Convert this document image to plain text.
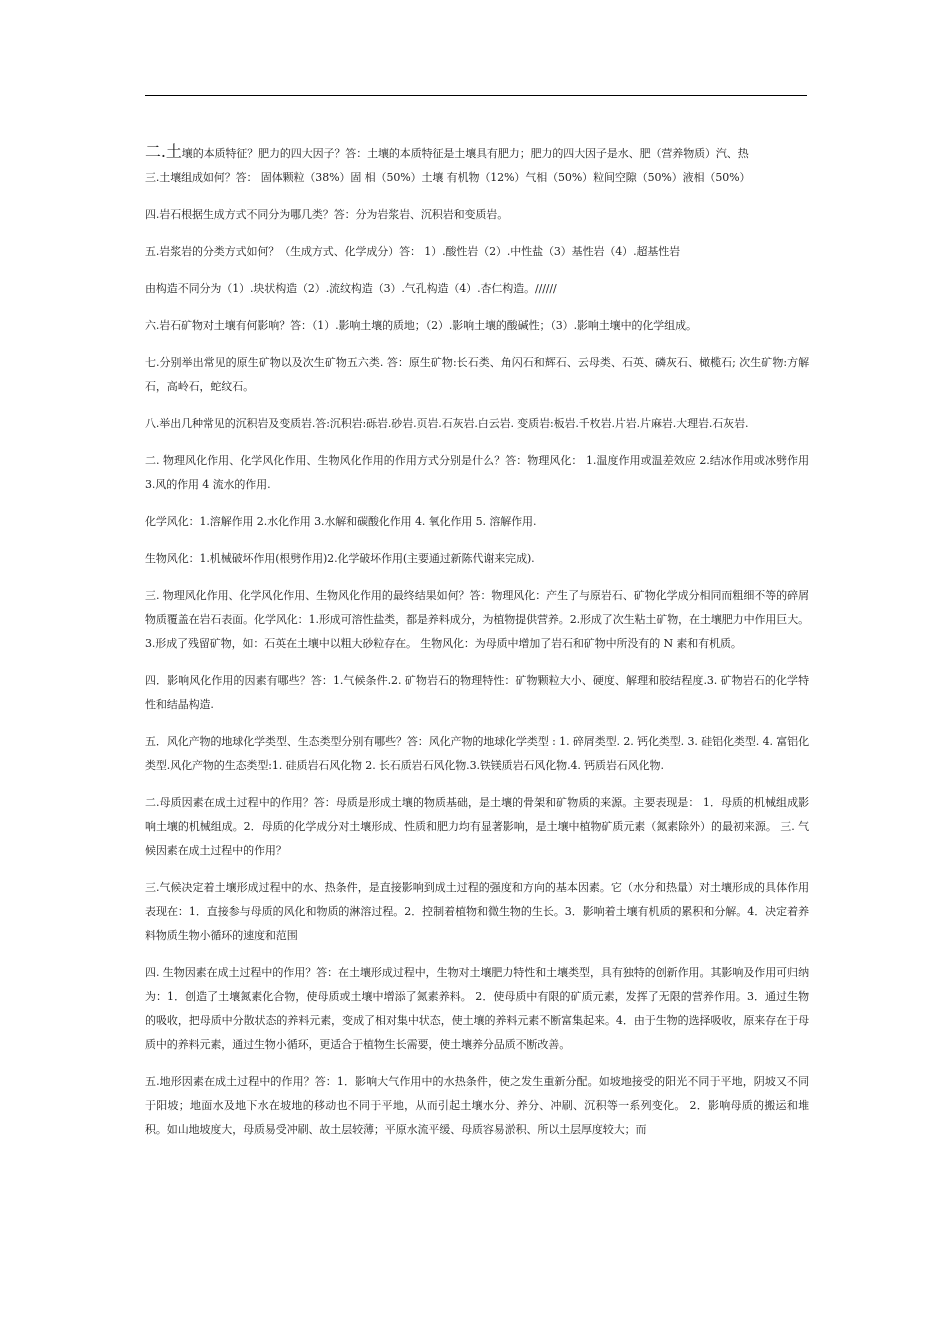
二.土壤的本质特征？肥力的四大因子？答：土壤的本质特征是土壤具有肥力；肥力的四大因子是水、肥（营养物质）汽、热

三.土壤组成如何？答： 固体颗粒（38%）固 相（50%）土壤 有机物（12%）气相（50%）粒间空隙（50%）液相（50%）

四.岩石根据生成方式不同分为哪几类？答：分为岩浆岩、沉积岩和变质岩。

五.岩浆岩的分类方式如何？（生成方式、化学成分）答： 1）.酸性岩（2）.中性盐（3）基性岩（4）.超基性岩

由构造不同分为（1）.块状构造（2）.流纹构造（3）.气孔构造（4）.杏仁构造。//////

六.岩石矿物对土壤有何影响？答：（1）.影响土壤的质地；（2）.影响土壤的酸碱性；（3）.影响土壤中的化学组成。

七.分别举出常见的原生矿物以及次生矿物五六类. 答：原生矿物:长石类、角闪石和辉石、云母类、石英、磷灰石、橄榄石; 次生矿物:方解石，高岭石，蛇纹石。

八.举出几种常见的沉积岩及变质岩.答:沉积岩:砾岩.砂岩.页岩.石灰岩.白云岩. 变质岩:板岩.千枚岩.片岩.片麻岩.大理岩.石灰岩.

二. 物理风化作用、化学风化作用、生物风化作用的作用方式分别是什么？答：物理风化： 1.温度作用或温差效应 2.结冰作用或冰劈作用 3.风的作用 4 流水的作用.

化学风化：1.溶解作用 2.水化作用 3.水解和碳酸化作用 4. 氧化作用 5. 溶解作用.

生物风化：1.机械破坏作用(根劈作用)2.化学破坏作用(主要通过新陈代谢来完成).

三. 物理风化作用、化学风化作用、生物风化作用的最终结果如何？答：物理风化：产生了与原岩石、矿物化学成分相同而粗细不等的碎屑物质覆盖在岩石表面。化学风化：1.形成可溶性盐类，都是养料成分，为植物提供营养。2.形成了次生粘土矿物，在土壤肥力中作用巨大。3.形成了残留矿物，如：石英在土壤中以粗大砂粒存在。 生物风化：为母质中增加了岩石和矿物中所没有的 N 素和有机质。

四．影响风化作用的因素有哪些？答：1.气候条件.2. 矿物岩石的物理特性：矿物颗粒大小、硬度、解理和胶结程度.3. 矿物岩石的化学特性和结晶构造.

五．风化产物的地球化学类型、生态类型分别有哪些？答：风化产物的地球化学类型 : 1. 碎屑类型. 2. 钙化类型. 3. 硅铝化类型. 4. 富铝化类型.风化产物的生态类型:1. 硅质岩石风化物 2. 长石质岩石风化物.3.铁镁质岩石风化物.4. 钙质岩石风化物.

二.母质因素在成土过程中的作用？答：母质是形成土壤的物质基础，是土壤的骨架和矿物质的来源。主要表现是： 1．母质的机械组成影响土壤的机械组成。2．母质的化学成分对土壤形成、性质和肥力均有显著影响，是土壤中植物矿质元素（氮素除外）的最初来源。 三. 气候因素在成土过程中的作用？

三.气候决定着土壤形成过程中的水、热条件，是直接影响到成土过程的强度和方向的基本因素。它（水分和热量）对土壤形成的具体作用表现在：1．直接参与母质的风化和物质的淋溶过程。2．控制着植物和微生物的生长。3．影响着土壤有机质的累积和分解。4．决定着养料物质生物小循环的速度和范围

四. 生物因素在成土过程中的作用？答：在土壤形成过程中，生物对土壤肥力特性和土壤类型，具有独特的创新作用。其影响及作用可归纳为：1．创造了土壤氮素化合物，使母质或土壤中增添了氮素养料。 2．使母质中有限的矿质元素，发挥了无限的营养作用。3．通过生物的吸收，把母质中分散状态的养料元素，变成了相对集中状态，使土壤的养料元素不断富集起来。4．由于生物的选择吸收，原来存在于母质中的养料元素，通过生物小循环，更适合于植物生长需要，使土壤养分品质不断改善。

五.地形因素在成土过程中的作用？答：1．影响大气作用中的水热条件，使之发生重新分配。如坡地接受的阳光不同于平地，阴坡又不同于阳坡；地面水及地下水在坡地的移动也不同于平地，从而引起土壤水分、养分、冲刷、沉积等一系列变化。 2．影响母质的搬运和堆积。如山地坡度大，母质易受冲刷、故土层较薄；平原水流平缓、母质容易淤积、所以土层厚度较大；而
